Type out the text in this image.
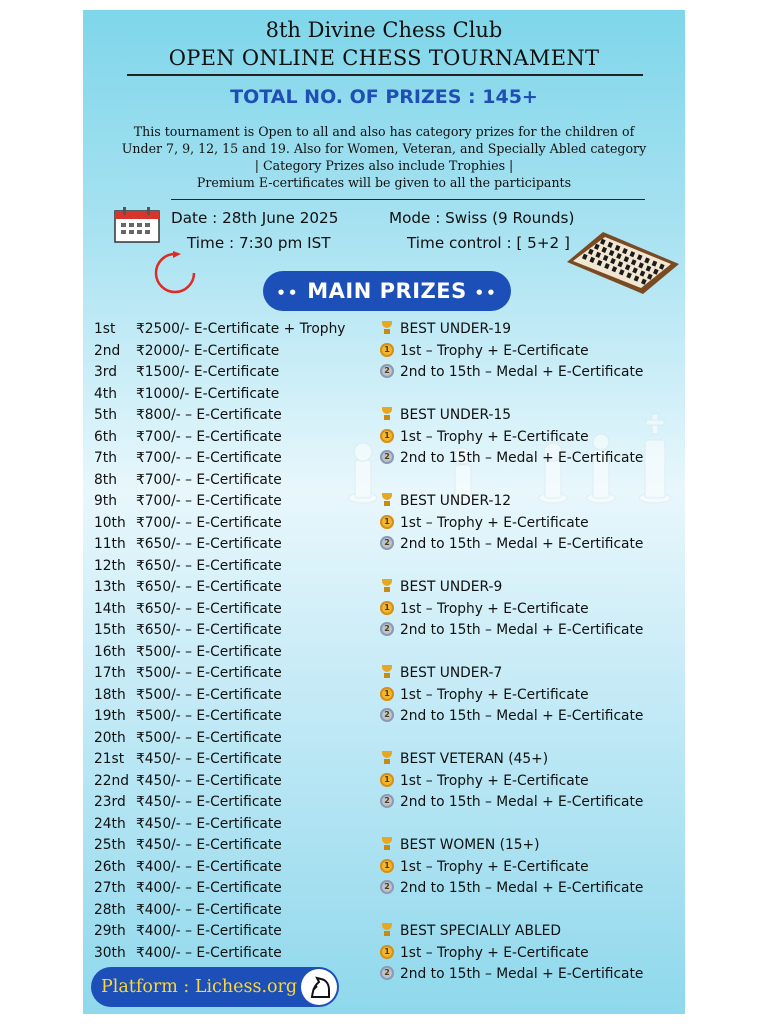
8th Divine Chess Club
OPEN ONLINE CHESS TOURNAMENT
TOTAL NO. OF PRIZES : 145+
This tournament is Open to all and also has category prizes for the children of
Under 7, 9, 12, 15 and 19. Also for Women, Veteran, and Specially Abled category
| Category Prizes also include Trophies |
Premium E-certificates will be given to all the participants
Date : 28th June 2025
Time : 7:30 pm IST
Mode : Swiss (9 Rounds)
Time control : [ 5+2 ]
•• MAIN PRIZES ••
1st ₹2500/- E-Certificate + Trophy
2nd ₹2000/- E-Certificate
3rd ₹1500/- E-Certificate
4th ₹1000/- E-Certificate
5th ₹800/- – E-Certificate
6th ₹700/- – E-Certificate
7th ₹700/- – E-Certificate
8th ₹700/- – E-Certificate
9th ₹700/- – E-Certificate
10th ₹700/- – E-Certificate
11th ₹650/- – E-Certificate
12th ₹650/- – E-Certificate
13th ₹650/- – E-Certificate
14th ₹650/- – E-Certificate
15th ₹650/- – E-Certificate
16th ₹500/- – E-Certificate
17th ₹500/- – E-Certificate
18th ₹500/- – E-Certificate
19th ₹500/- – E-Certificate
20th ₹500/- – E-Certificate
21st ₹450/- – E-Certificate
22nd ₹450/- – E-Certificate
23rd ₹450/- – E-Certificate
24th ₹450/- – E-Certificate
25th ₹450/- – E-Certificate
26th ₹400/- – E-Certificate
27th ₹400/- – E-Certificate
28th ₹400/- – E-Certificate
29th ₹400/- – E-Certificate
30th ₹400/- – E-Certificate
BEST UNDER-19
1 1st – Trophy + E-Certificate
2 2nd to 15th – Medal + E-Certificate
BEST UNDER-15
1 1st – Trophy + E-Certificate
2 2nd to 15th – Medal + E-Certificate
BEST UNDER-12
1 1st – Trophy + E-Certificate
2 2nd to 15th – Medal + E-Certificate
BEST UNDER-9
1 1st – Trophy + E-Certificate
2 2nd to 15th – Medal + E-Certificate
BEST UNDER-7
1 1st – Trophy + E-Certificate
2 2nd to 15th – Medal + E-Certificate
BEST VETERAN (45+)
1 1st – Trophy + E-Certificate
2 2nd to 15th – Medal + E-Certificate
BEST WOMEN (15+)
1 1st – Trophy + E-Certificate
2 2nd to 15th – Medal + E-Certificate
BEST SPECIALLY ABLED
1 1st – Trophy + E-Certificate
2 2nd to 15th – Medal + E-Certificate
Platform : Lichess.org
